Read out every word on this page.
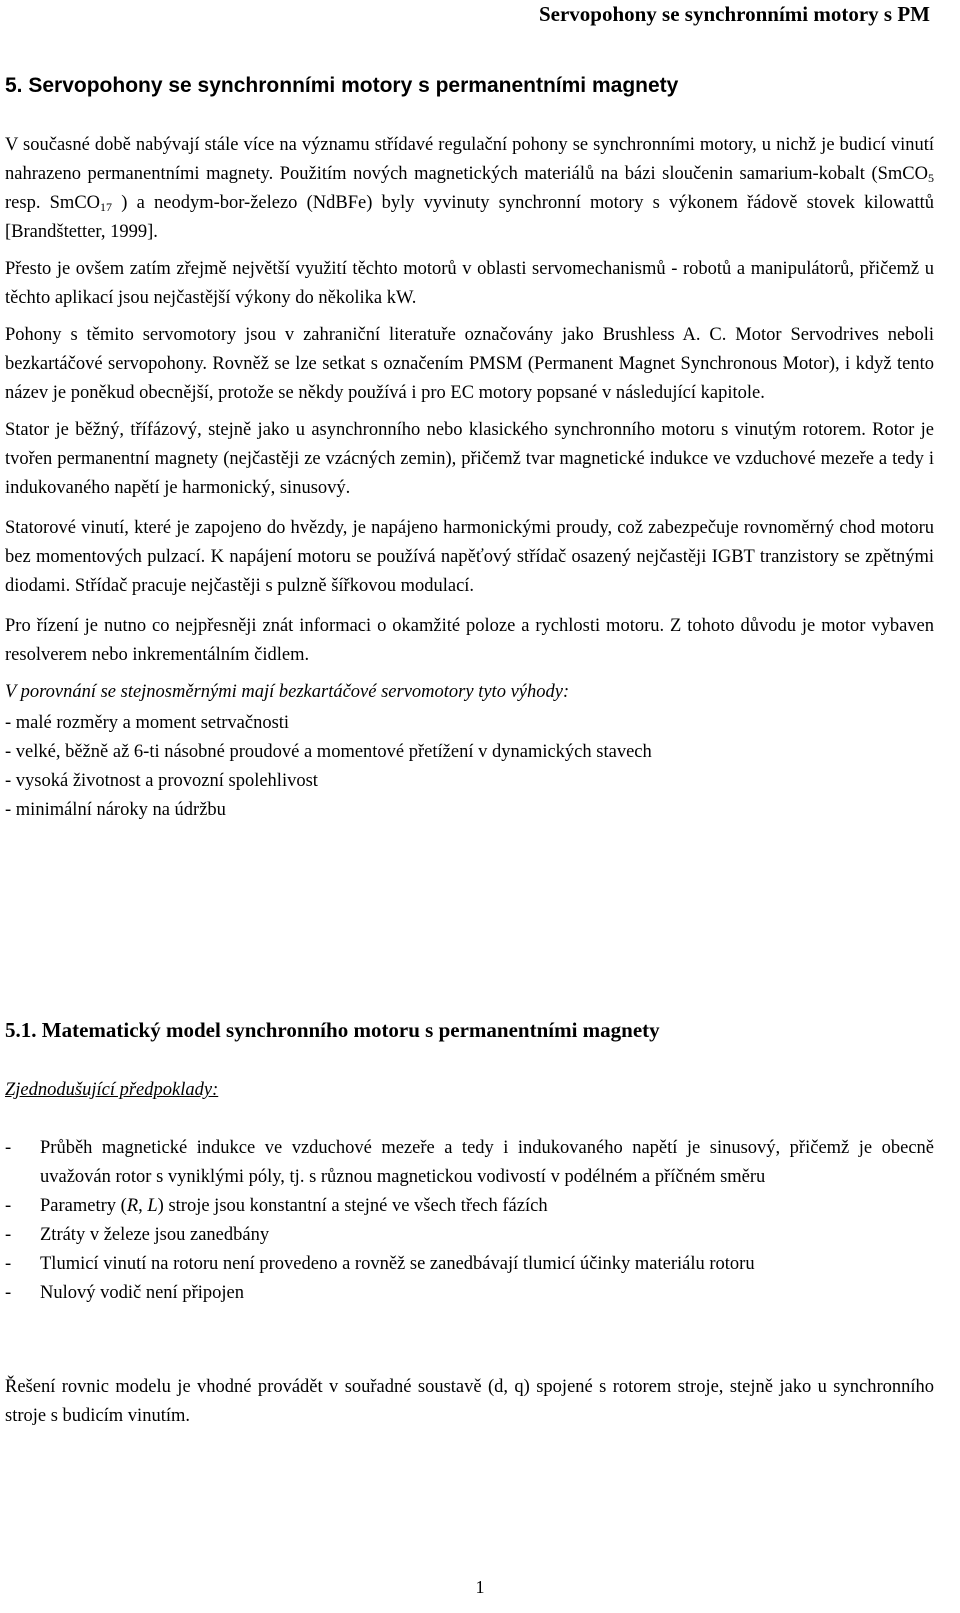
Servopohony se synchronními motory s PM
5. Servopohony se synchronními motory s permanentními magnety

V současné době nabývají stále více na významu střídavé regulační pohony se synchronními motory, u nichž je budicí vinutí nahrazeno permanentními magnety. Použitím nových magnetických materiálů na bázi sloučenin samarium-kobalt (SmCO$_5$ resp. SmCO$_{17}$ ) a neodym-bor-železo (NdBFe) byly vyvinuty synchronní motory s výkonem řádově stovek kilowattů [Brandštetter, 1999].

Přesto je ovšem zatím zřejmě největší využití těchto motorů v oblasti servomechanismů - robotů a manipulátorů, přičemž u těchto aplikací jsou nejčastější výkony do několika kW.

Pohony s těmito servomotory jsou v zahraniční literatuře označovány jako Brushless A. C. Motor Servodrives neboli bezkartáčové servopohony. Rovněž se lze setkat s označením PMSM (Permanent Magnet Synchronous Motor), i když tento název je poněkud obecnější, protože se někdy používá i pro EC motory popsané v následující kapitole.

Stator je běžný, třífázový, stejně jako u asynchronního nebo klasického synchronního motoru s vinutým rotorem. Rotor je tvořen permanentní magnety (nejčastěji ze vzácných zemin), přičemž tvar magnetické indukce ve vzduchové mezeře a tedy i indukovaného napětí je harmonický, sinusový.

Statorové vinutí, které je zapojeno do hvězdy, je napájeno harmonickými proudy, což zabezpečuje rovnoměrný chod motoru bez momentových pulzací. K napájení motoru se používá napěťový střídač osazený nejčastěji IGBT tranzistory se zpětnými diodami. Střídač pracuje nejčastěji s pulzně šířkovou modulací.

Pro řízení je nutno co nejpřesněji znát informaci o okamžité poloze a rychlosti motoru. Z tohoto důvodu je motor vybaven resolverem nebo inkrementálním čidlem.

V porovnání se stejnosměrnými mají bezkartáčové servomotory tyto výhody:

- malé rozměry a moment setrvačnosti
- velké, běžně až 6-ti násobné proudové a momentové přetížení v dynamických stavech
- vysoká životnost a provozní spolehlivost
- minimální nároky na údržbu
5.1. Matematický model synchronního motoru s permanentními magnety

Zjednodušující předpoklady:

- Průběh magnetické indukce ve vzduchové mezeře a tedy i indukovaného napětí je sinusový, přičemž je obecně uvažován rotor s vyniklými póly, tj. s různou magnetickou vodivostí v podélném a příčném směru
- Parametry (R, L) stroje jsou konstantní a stejné ve všech třech fázích
- Ztráty v železe jsou zanedbány
- Tlumicí vinutí na rotoru není provedeno a rovněž se zanedbávají tlumicí účinky materiálu rotoru
- Nulový vodič není připojen

Řešení rovnic modelu je vhodné provádět v souřadné soustavě (d, q) spojené s rotorem stroje, stejně jako u synchronního stroje s budicím vinutím.

1
